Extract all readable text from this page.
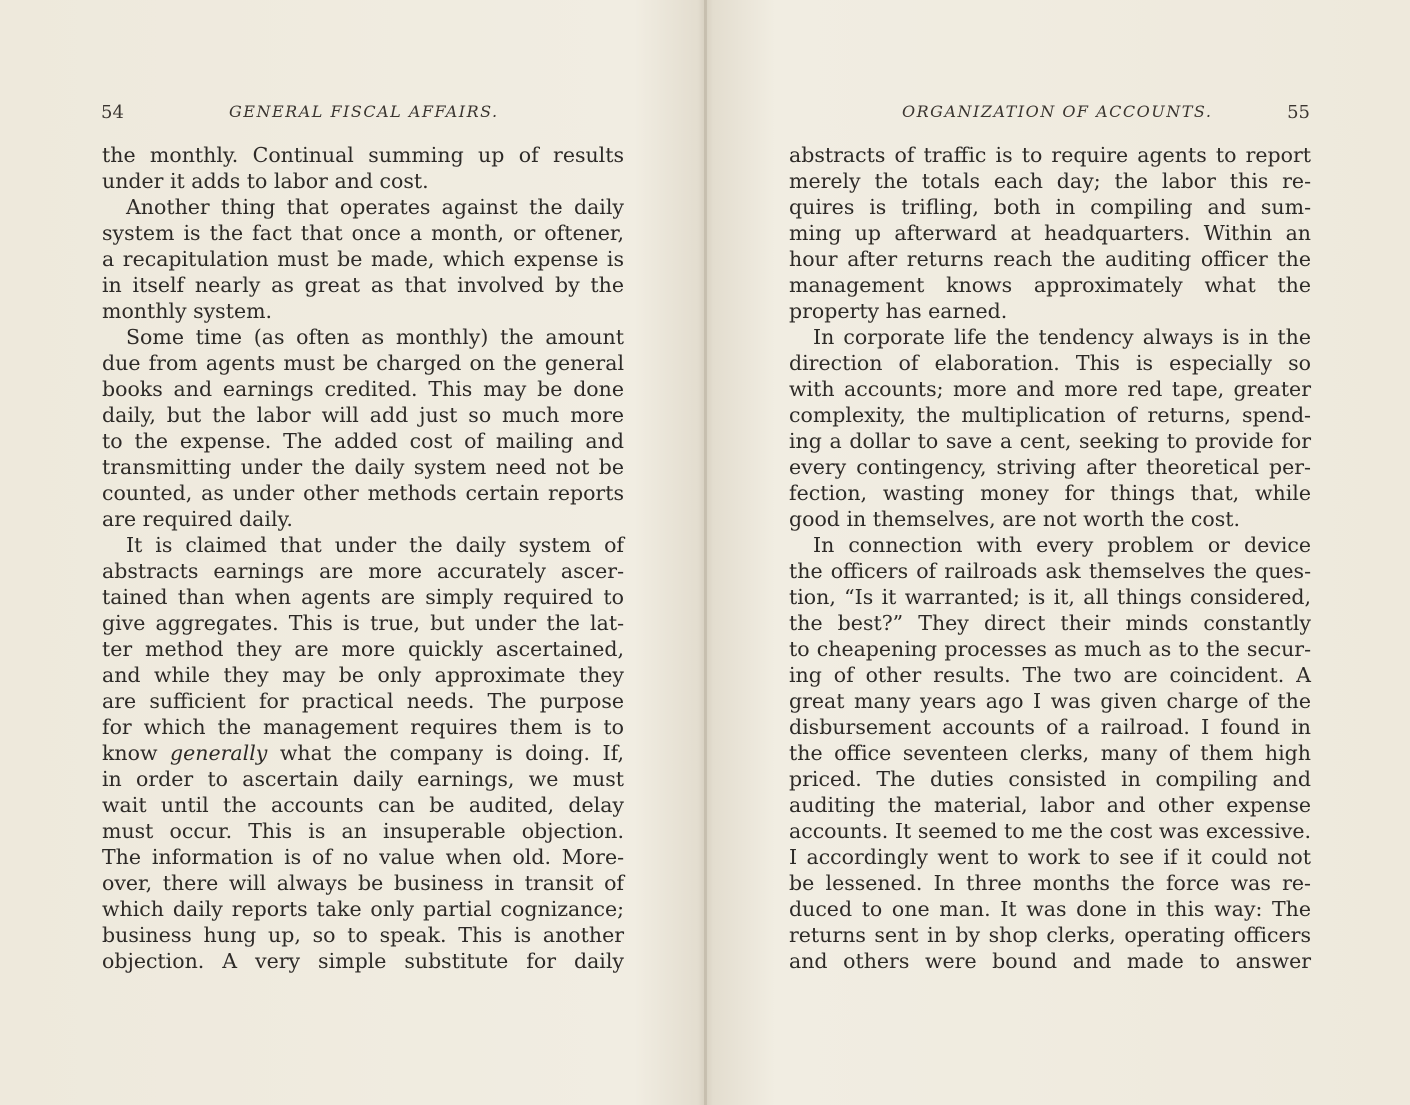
54	GENERAL FISCAL AFFAIRS.
the monthly. Continual summing up of results
under it adds to labor and cost.
Another thing that operates against the daily
system is the fact that once a month, or oftener,
a recapitulation must be made, which expense is
in itself nearly as great as that involved by the
monthly system.
Some time (as often as monthly) the amount
due from agents must be charged on the general
books and earnings credited. This may be done
daily, but the labor will add just so much more
to the expense. The added cost of mailing and
transmitting under the daily system need not be
counted, as under other methods certain reports
are required daily.
It is claimed that under the daily system of
abstracts earnings are more accurately ascer-
tained than when agents are simply required to
give aggregates. This is true, but under the lat-
ter method they are more quickly ascertained,
and while they may be only approximate they
are sufficient for practical needs. The purpose
for which the management requires them is to
know generally what the company is doing. If,
in order to ascertain daily earnings, we must
wait until the accounts can be audited, delay
must occur. This is an insuperable objection.
The information is of no value when old. More-
over, there will always be business in transit of
which daily reports take only partial cognizance;
business hung up, so to speak. This is another
objection. A very simple substitute for daily
ORGANIZATION OF ACCOUNTS.	55
abstracts of traffic is to require agents to report
merely the totals each day; the labor this re-
quires is trifling, both in compiling and sum-
ming up afterward at headquarters. Within an
hour after returns reach the auditing officer the
management knows approximately what the
property has earned.
In corporate life the tendency always is in the
direction of elaboration. This is especially so
with accounts; more and more red tape, greater
complexity, the multiplication of returns, spend-
ing a dollar to save a cent, seeking to provide for
every contingency, striving after theoretical per-
fection, wasting money for things that, while
good in themselves, are not worth the cost.
In connection with every problem or device
the officers of railroads ask themselves the ques-
tion, “Is it warranted; is it, all things considered,
the best?” They direct their minds constantly
to cheapening processes as much as to the secur-
ing of other results. The two are coincident. A
great many years ago I was given charge of the
disbursement accounts of a railroad. I found in
the office seventeen clerks, many of them high
priced. The duties consisted in compiling and
auditing the material, labor and other expense
accounts. It seemed to me the cost was excessive.
I accordingly went to work to see if it could not
be lessened. In three months the force was re-
duced to one man. It was done in this way: The
returns sent in by shop clerks, operating officers
and others were bound and made to answer
